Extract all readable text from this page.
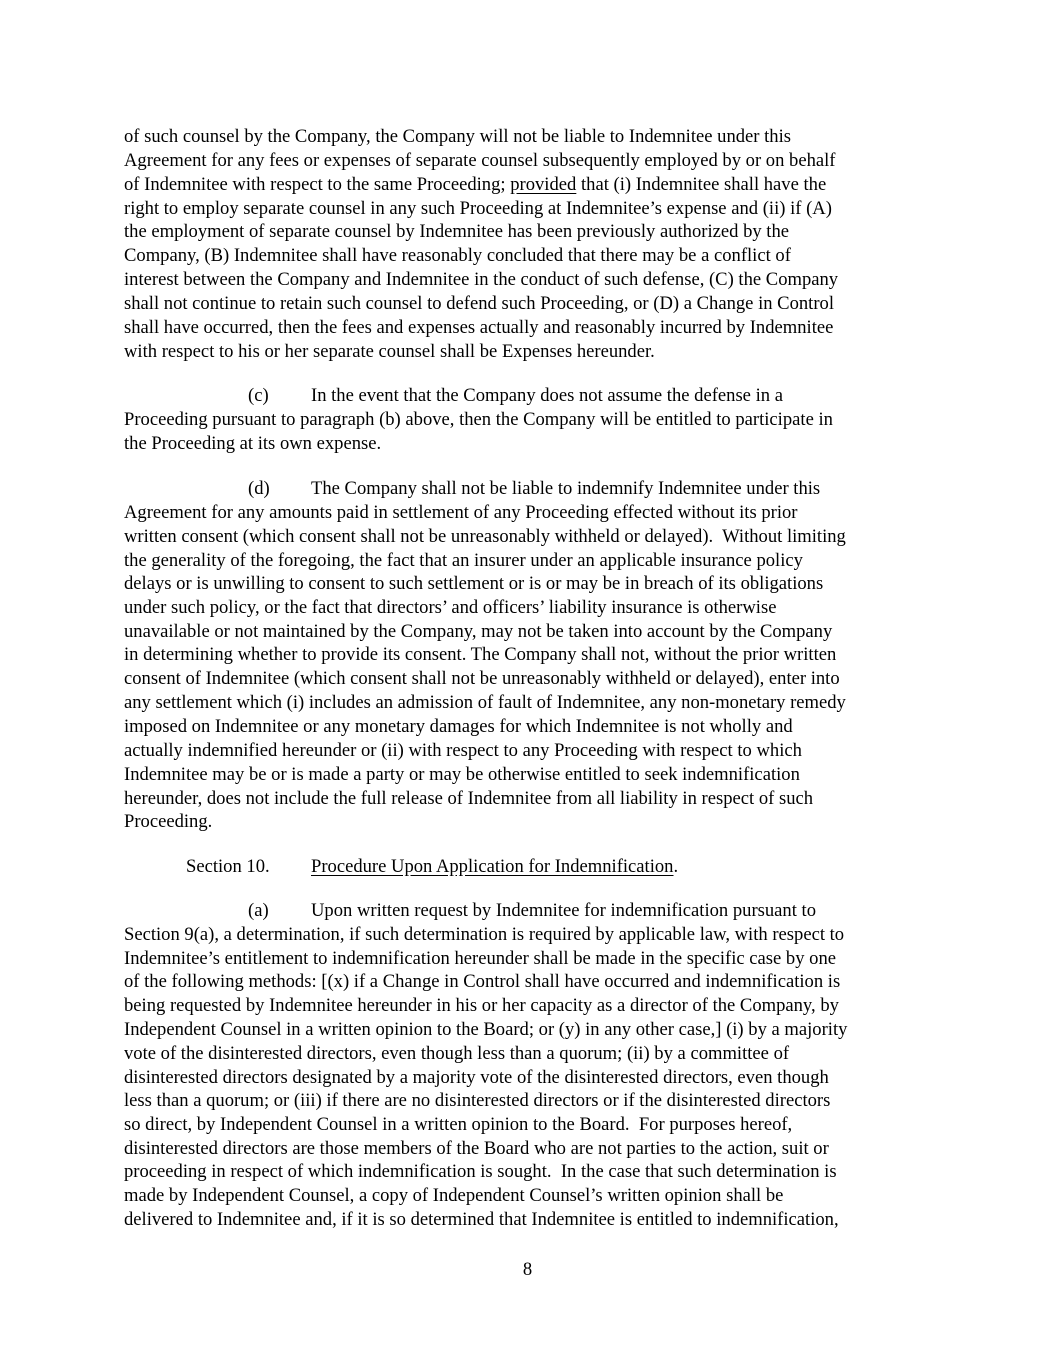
of such counsel by the Company, the Company will not be liable to Indemnitee under this
Agreement for any fees or expenses of separate counsel subsequently employed by or on behalf
of Indemnitee with respect to the same Proceeding; provided that (i) Indemnitee shall have the
right to employ separate counsel in any such Proceeding at Indemnitee’s expense and (ii) if (A)
the employment of separate counsel by Indemnitee has been previously authorized by the
Company, (B) Indemnitee shall have reasonably concluded that there may be a conflict of
interest between the Company and Indemnitee in the conduct of such defense, (C) the Company
shall not continue to retain such counsel to defend such Proceeding, or (D) a Change in Control
shall have occurred, then the fees and expenses actually and reasonably incurred by Indemnitee
with respect to his or her separate counsel shall be Expenses hereunder.
(c) In the event that the Company does not assume the defense in a
Proceeding pursuant to paragraph (b) above, then the Company will be entitled to participate in
the Proceeding at its own expense.
(d) The Company shall not be liable to indemnify Indemnitee under this
Agreement for any amounts paid in settlement of any Proceeding effected without its prior
written consent (which consent shall not be unreasonably withheld or delayed).  Without limiting
the generality of the foregoing, the fact that an insurer under an applicable insurance policy
delays or is unwilling to consent to such settlement or is or may be in breach of its obligations
under such policy, or the fact that directors’ and officers’ liability insurance is otherwise
unavailable or not maintained by the Company, may not be taken into account by the Company
in determining whether to provide its consent. The Company shall not, without the prior written
consent of Indemnitee (which consent shall not be unreasonably withheld or delayed), enter into
any settlement which (i) includes an admission of fault of Indemnitee, any non-monetary remedy
imposed on Indemnitee or any monetary damages for which Indemnitee is not wholly and
actually indemnified hereunder or (ii) with respect to any Proceeding with respect to which
Indemnitee may be or is made a party or may be otherwise entitled to seek indemnification
hereunder, does not include the full release of Indemnitee from all liability in respect of such
Proceeding.
Section 10. Procedure Upon Application for Indemnification.
(a) Upon written request by Indemnitee for indemnification pursuant to
Section 9(a), a determination, if such determination is required by applicable law, with respect to
Indemnitee’s entitlement to indemnification hereunder shall be made in the specific case by one
of the following methods: [(x) if a Change in Control shall have occurred and indemnification is
being requested by Indemnitee hereunder in his or her capacity as a director of the Company, by
Independent Counsel in a written opinion to the Board; or (y) in any other case,] (i) by a majority
vote of the disinterested directors, even though less than a quorum; (ii) by a committee of
disinterested directors designated by a majority vote of the disinterested directors, even though
less than a quorum; or (iii) if there are no disinterested directors or if the disinterested directors
so direct, by Independent Counsel in a written opinion to the Board.  For purposes hereof,
disinterested directors are those members of the Board who are not parties to the action, suit or
proceeding in respect of which indemnification is sought.  In the case that such determination is
made by Independent Counsel, a copy of Independent Counsel’s written opinion shall be
delivered to Indemnitee and, if it is so determined that Indemnitee is entitled to indemnification,
8
